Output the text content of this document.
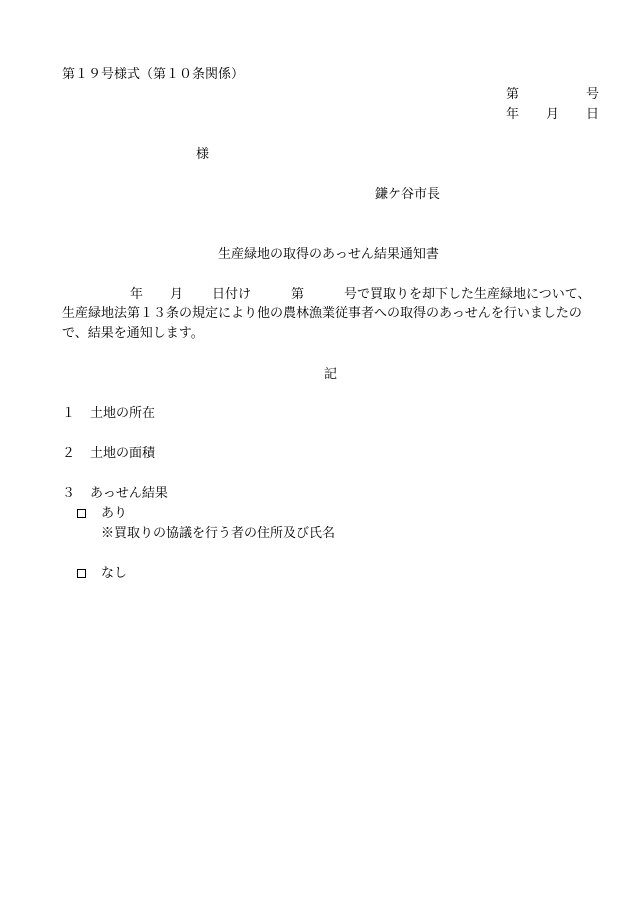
第１９号様式（第１０条関係）
第	号
年 月 日
様
鎌ケ谷市長
生産緑地の取得のあっせん結果通知書
年 月 日付け	第	号で買取りを却下した生産緑地について、
生産緑地法第１３条の規定により他の農林漁業従事者への取得のあっせんを行いましたの
で、結果を通知します。
記
１ 土地の所在
２ 土地の面積
３ あっせん結果
あり
※買取りの協議を行う者の住所及び氏名
なし
